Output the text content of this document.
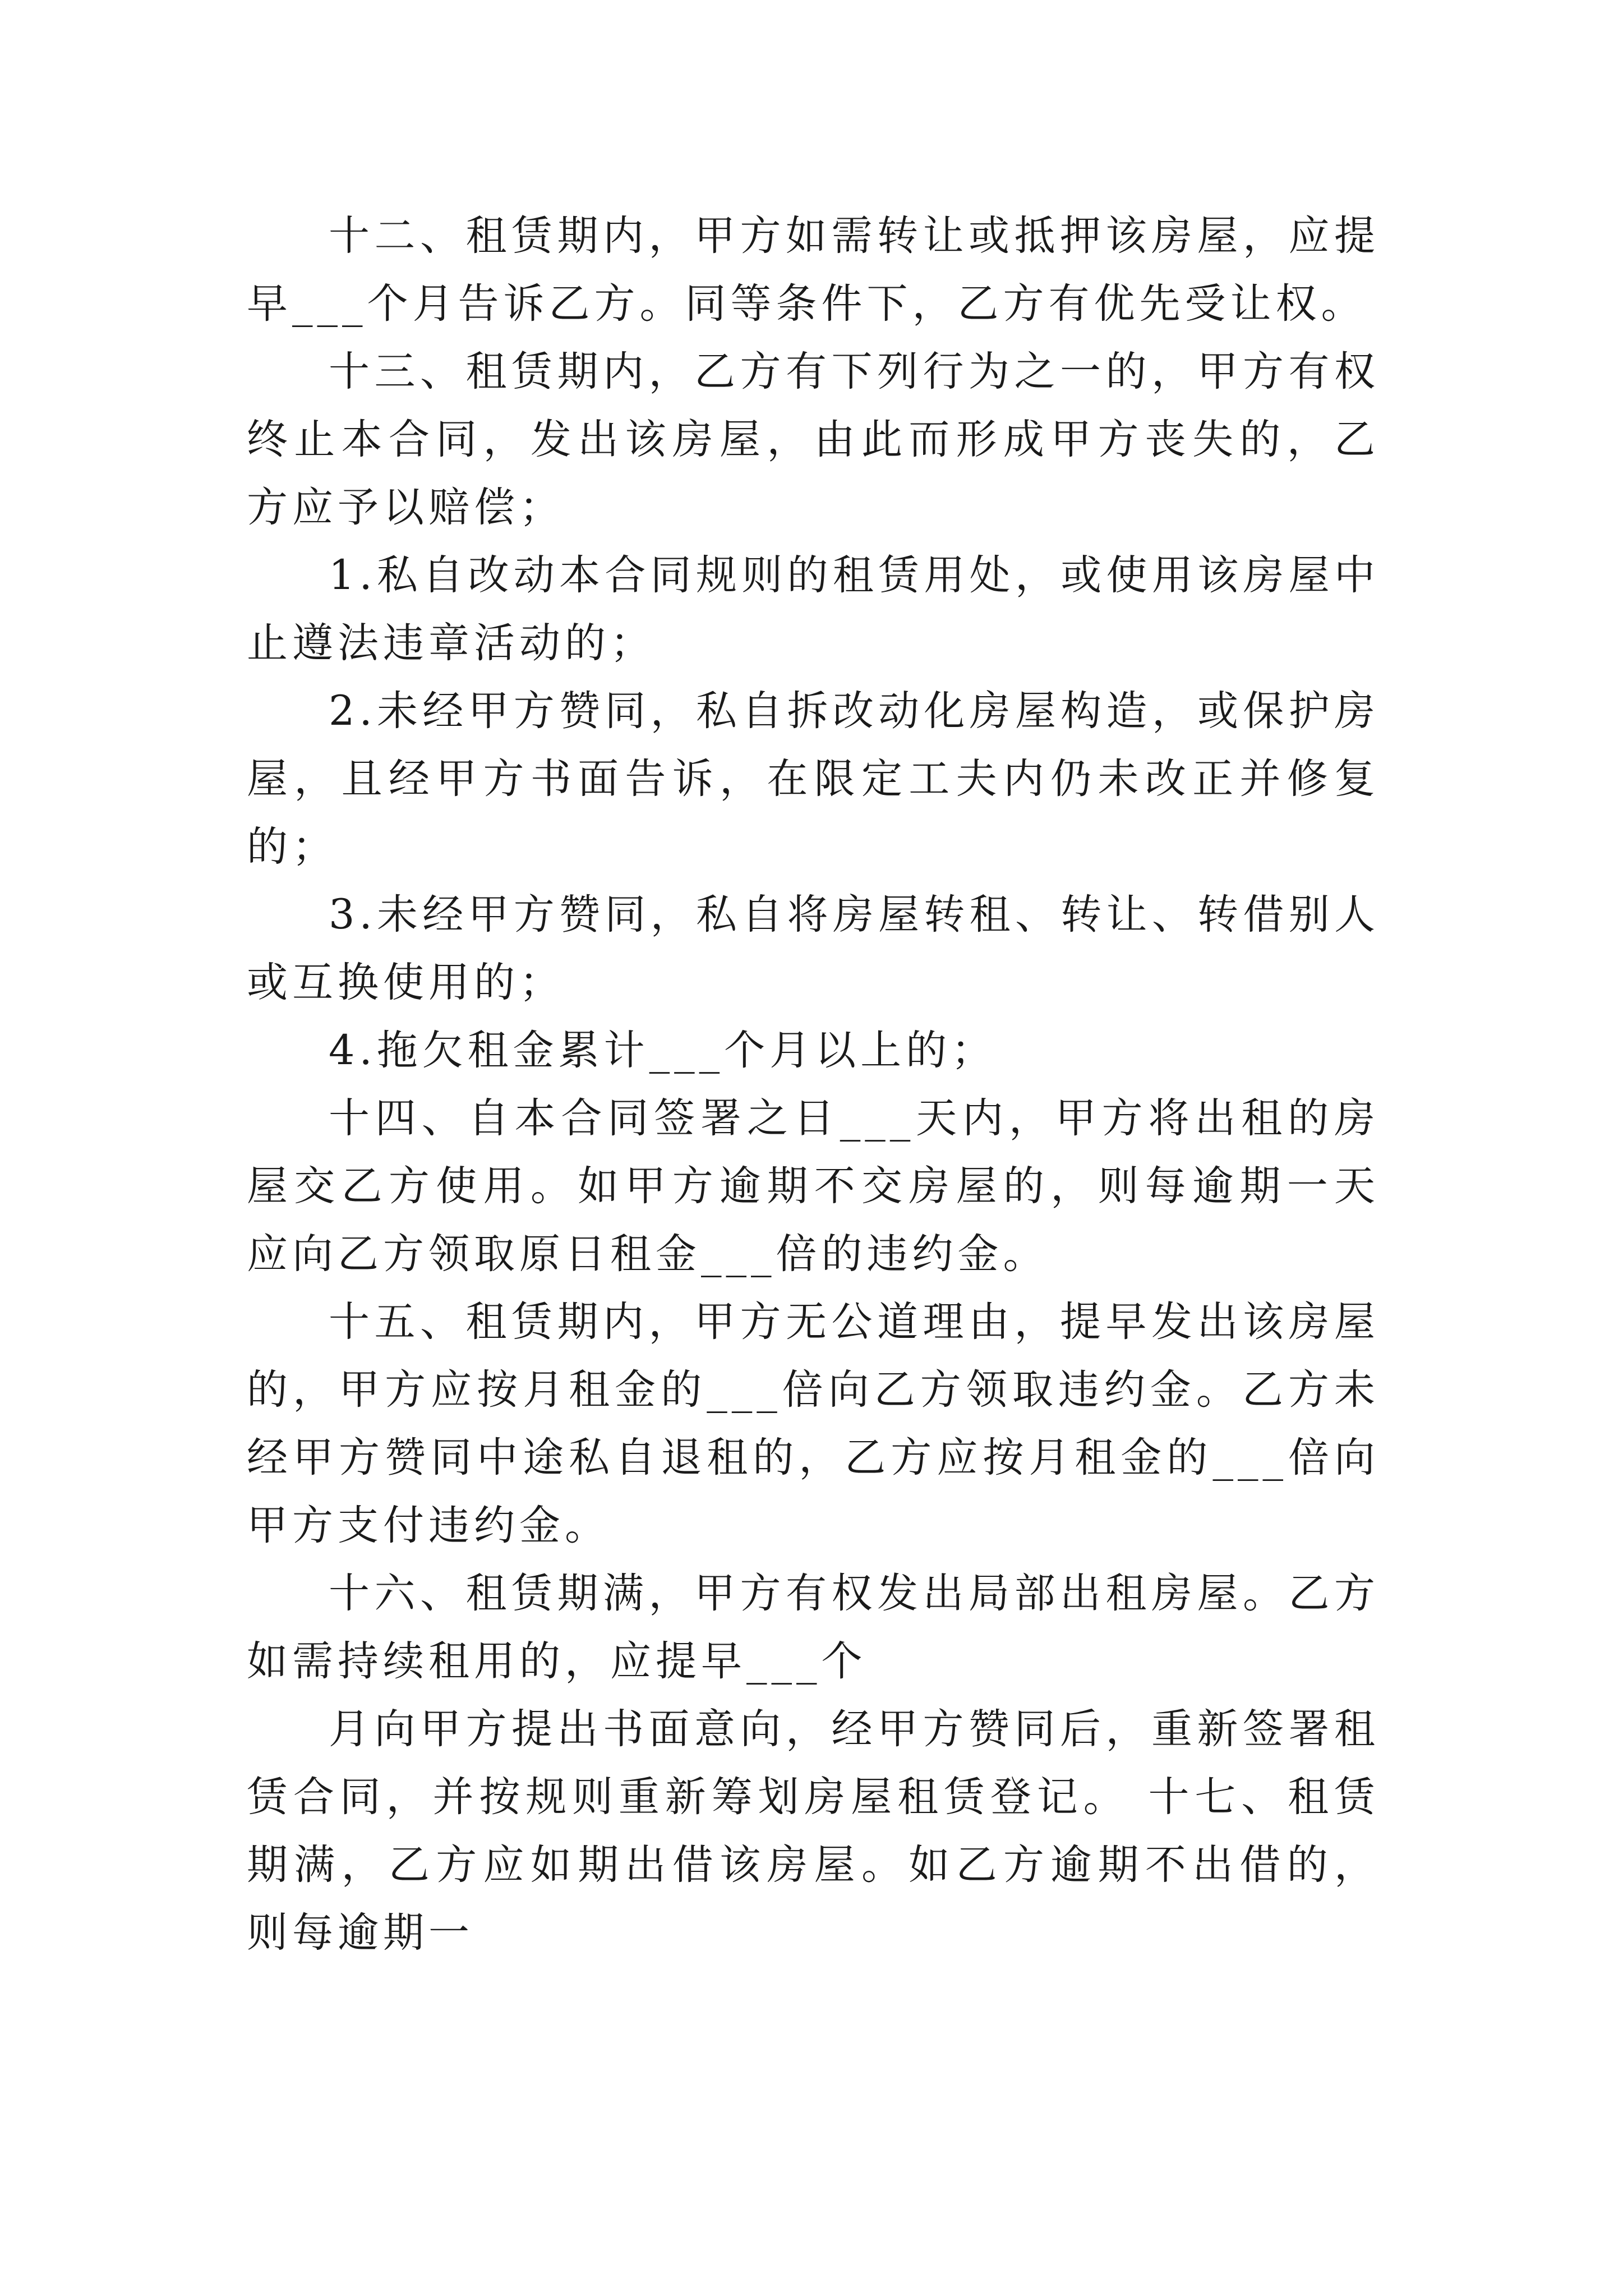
十二、租赁期内，甲方如需转让或抵押该房屋，应提早___个月告诉乙方。同等条件下，乙方有优先受让权。

十三、租赁期内，乙方有下列行为之一的，甲方有权终止本合同，发出该房屋，由此而形成甲方丧失的，乙方应予以赔偿；

1.私自改动本合同规则的租赁用处，或使用该房屋中止遵法违章活动的；

2.未经甲方赞同，私自拆改动化房屋构造，或保护房屋，且经甲方书面告诉，在限定工夫内仍未改正并修复的；

3.未经甲方赞同，私自将房屋转租、转让、转借别人或互换使用的；

4.拖欠租金累计___个月以上的；

十四、自本合同签署之日___天内，甲方将出租的房屋交乙方使用。如甲方逾期不交房屋的，则每逾期一天应向乙方领取原日租金___倍的违约金。

十五、租赁期内，甲方无公道理由，提早发出该房屋的，甲方应按月租金的___倍向乙方领取违约金。乙方未经甲方赞同中途私自退租的，乙方应按月租金的___倍向甲方支付违约金。

十六、租赁期满，甲方有权发出局部出租房屋。乙方如需持续租用的，应提早___个

月向甲方提出书面意向，经甲方赞同后，重新签署租赁合同，并按规则重新筹划房屋租赁登记。 十七、租赁期满，乙方应如期出借该房屋。如乙方逾期不出借的，则每逾期一
